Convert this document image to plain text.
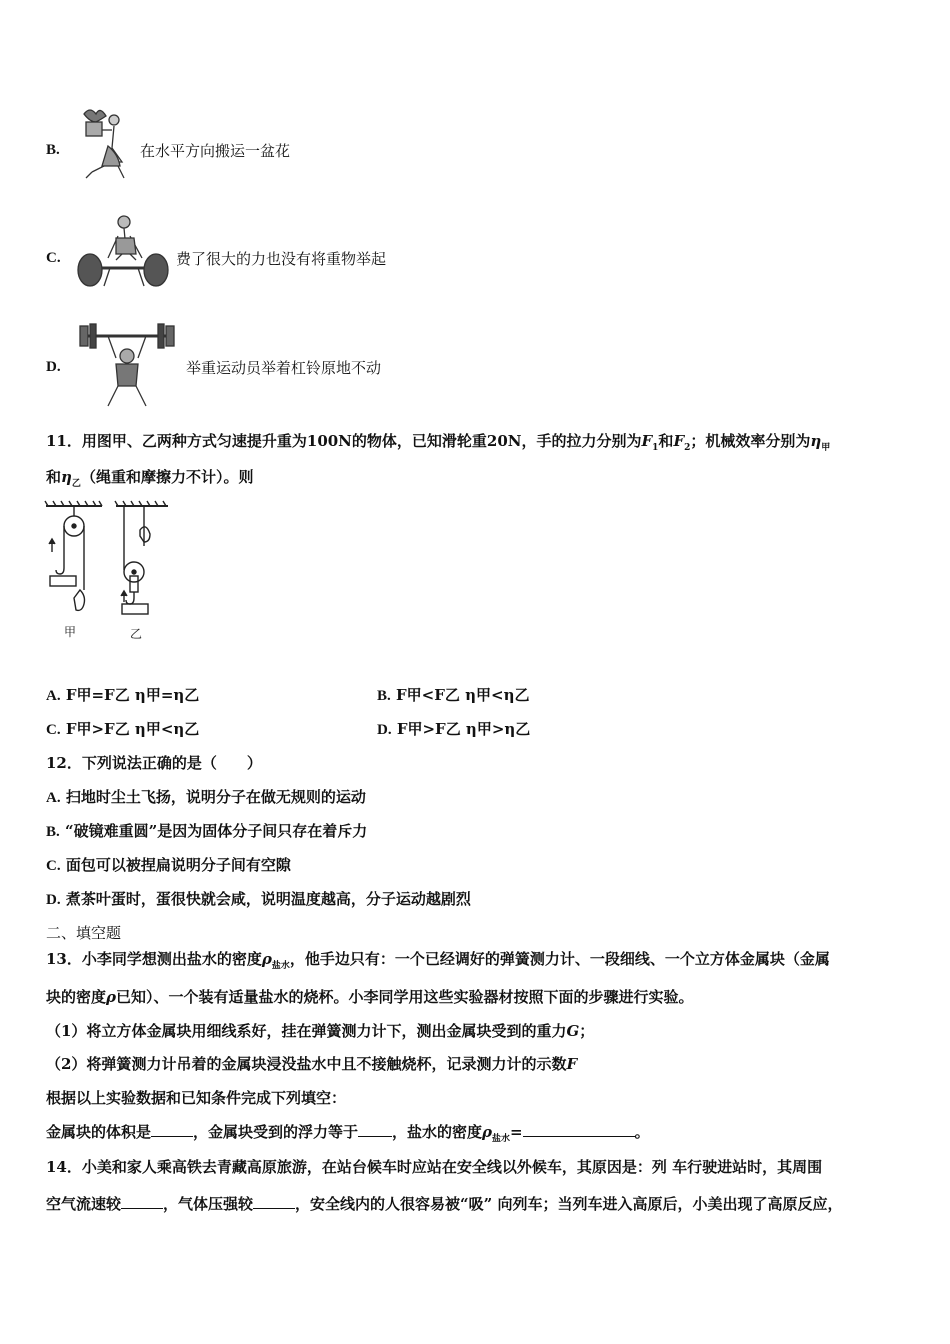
B.	在水平方向搬运一盆花
C.	费了很大的力也没有将重物举起
D.	举重运动员举着杠铃原地不动
11．用图甲、乙两种方式匀速提升重为100N的物体，已知滑轮重20N，手的拉力分别为$F_1$和$F_2$；机械效率分别为$\eta_甲$
和$\eta_乙$（绳重和摩擦力不计）。则
甲	乙
A. F甲=F乙 η甲=η乙	B. F甲<F乙 η甲<η乙
C. F甲>F乙 η甲<η乙	D. F甲>F乙 η甲>η乙
12．下列说法正确的是（　　）
A. 扫地时尘土飞扬，说明分子在做无规则的运动
B. “破镜难重圆”是因为固体分子间只存在着斥力
C. 面包可以被捏扁说明分子间有空隙
D. 煮茶叶蛋时，蛋很快就会咸，说明温度越高，分子运动越剧烈
二、填空题
13．小李同学想测出盐水的密度$\rho_{盐水}$，他手边只有：一个已经调好的弹簧测力计、一段细线、一个立方体金属块（金属
块的密度ρ已知）、一个装有适量盐水的烧杯。小李同学用这些实验器材按照下面的步骤进行实验。
（1）将立方体金属块用细线系好，挂在弹簧测力计下，测出金属块受到的重力G；
（2）将弹簧测力计吊着的金属块浸没盐水中且不接触烧杯，记录测力计的示数F
根据以上实验数据和已知条件完成下列填空：
金属块的体积是	，金属块受到的浮力等于 ，盐水的密度$\rho_{盐水}=$	。
14．小美和家人乘高铁去青藏高原旅游，在站台候车时应站在安全线以外候车，其原因是：列 车行驶进站时，其周围
空气流速较	，气体压强较	，安全线内的人很容易被“吸” 向列车；当列车进入高原后，小美出现了高原反应，
